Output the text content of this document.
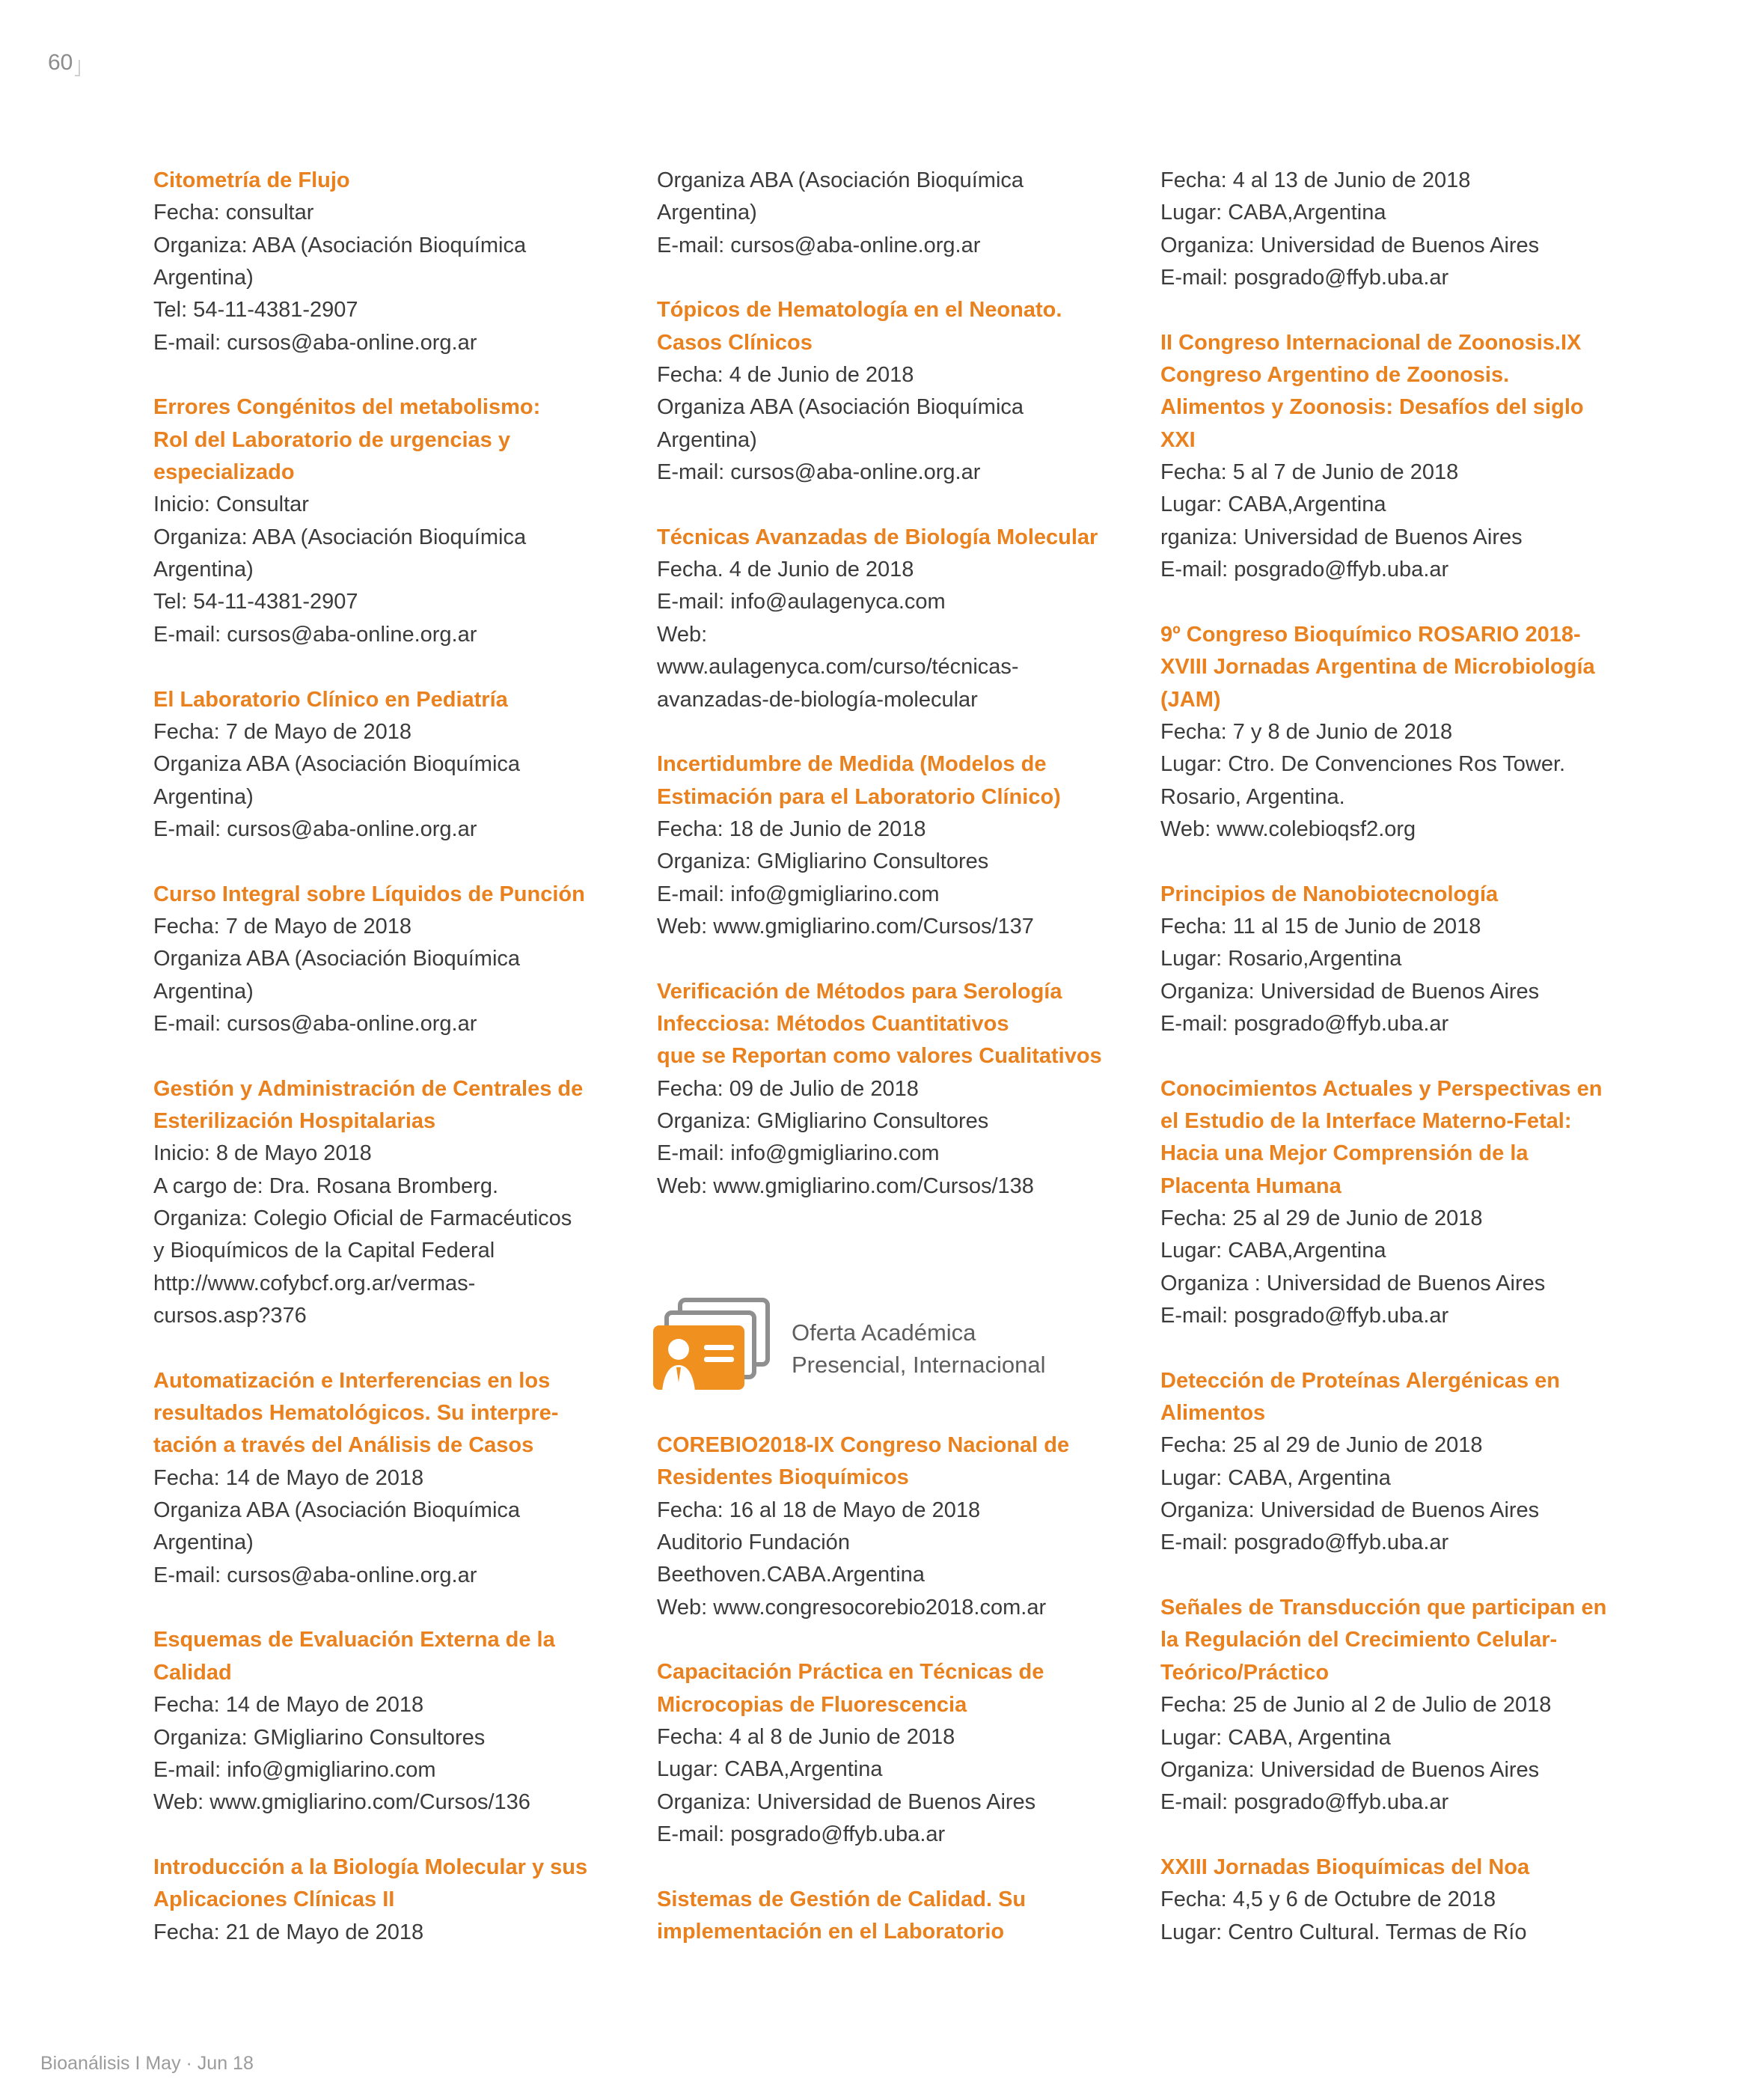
60
Citometría de Flujo
Fecha: consultar
Organiza: ABA (Asociación Bioquímica
Argentina)
Tel: 54-11-4381-2907
E-mail: cursos@aba-online.org.ar
Errores Congénitos del metabolismo:
Rol del Laboratorio de urgencias y
especializado
Inicio: Consultar
Organiza: ABA (Asociación Bioquímica
Argentina)
Tel: 54-11-4381-2907
E-mail: cursos@aba-online.org.ar
El Laboratorio Clínico en Pediatría
Fecha: 7 de Mayo de 2018
Organiza ABA (Asociación Bioquímica
Argentina)
E-mail: cursos@aba-online.org.ar
Curso Integral sobre Líquidos de Punción
Fecha: 7 de Mayo de 2018
Organiza ABA (Asociación Bioquímica
Argentina)
E-mail: cursos@aba-online.org.ar
Gestión y Administración de Centrales de
Esterilización Hospitalarias
Inicio: 8 de Mayo 2018
A cargo de: Dra. Rosana Bromberg.
Organiza: Colegio Oficial de Farmacéuticos
y Bioquímicos de la Capital Federal
http://www.cofybcf.org.ar/vermas-
cursos.asp?376
Automatización e Interferencias en los
resultados Hematológicos. Su interpre-
tación a través del Análisis de Casos
Fecha: 14 de Mayo de 2018
Organiza ABA (Asociación Bioquímica
Argentina)
E-mail: cursos@aba-online.org.ar
Esquemas de Evaluación Externa de la
Calidad
Fecha: 14 de Mayo de 2018
Organiza: GMigliarino Consultores
E-mail: info@gmigliarino.com
Web: www.gmigliarino.com/Cursos/136
Introducción a la Biología Molecular y sus
Aplicaciones Clínicas II
Fecha: 21 de Mayo de 2018
Organiza ABA (Asociación Bioquímica
Argentina)
E-mail: cursos@aba-online.org.ar
Tópicos de Hematología en el Neonato.
Casos Clínicos
Fecha: 4 de Junio de 2018
Organiza ABA (Asociación Bioquímica
Argentina)
E-mail: cursos@aba-online.org.ar
Técnicas Avanzadas de Biología Molecular
Fecha. 4 de Junio de 2018
E-mail: info@aulagenyca.com
Web:
www.aulagenyca.com/curso/técnicas-
avanzadas-de-biología-molecular
Incertidumbre de Medida (Modelos de
Estimación para el Laboratorio Clínico)
Fecha: 18 de Junio de 2018
Organiza: GMigliarino Consultores
E-mail: info@gmigliarino.com
Web: www.gmigliarino.com/Cursos/137
Verificación de Métodos para Serología
Infecciosa: Métodos Cuantitativos
que se Reportan como valores Cualitativos
Fecha: 09 de Julio de 2018
Organiza: GMigliarino Consultores
E-mail: info@gmigliarino.com
Web: www.gmigliarino.com/Cursos/138
Oferta Académica
Presencial, Internacional
COREBIO2018-IX Congreso Nacional de
Residentes Bioquímicos
Fecha: 16 al 18 de Mayo de 2018
Auditorio Fundación
Beethoven.CABA.Argentina
Web: www.congresocorebio2018.com.ar
Capacitación Práctica en Técnicas de
Microcopias de Fluorescencia
Fecha: 4 al 8 de Junio de 2018
Lugar: CABA,Argentina
Organiza: Universidad de Buenos Aires
E-mail: posgrado@ffyb.uba.ar
Sistemas de Gestión de Calidad. Su
implementación en el Laboratorio
Fecha: 4 al 13 de Junio de 2018
Lugar: CABA,Argentina
Organiza: Universidad de Buenos Aires
E-mail: posgrado@ffyb.uba.ar
II Congreso Internacional de Zoonosis.IX
Congreso Argentino de Zoonosis.
Alimentos y Zoonosis: Desafíos del siglo
XXI
Fecha: 5 al 7 de Junio de 2018
Lugar: CABA,Argentina
rganiza: Universidad de Buenos Aires
E-mail: posgrado@ffyb.uba.ar
9º Congreso Bioquímico ROSARIO 2018-
XVIII Jornadas Argentina de Microbiología
(JAM)
Fecha: 7 y 8 de Junio de 2018
Lugar: Ctro. De Convenciones Ros Tower.
Rosario, Argentina.
Web: www.colebioqsf2.org
Principios de Nanobiotecnología
Fecha: 11 al 15 de Junio de 2018
Lugar: Rosario,Argentina
Organiza: Universidad de Buenos Aires
E-mail: posgrado@ffyb.uba.ar
Conocimientos Actuales y Perspectivas en
el Estudio de la Interface Materno-Fetal:
Hacia una Mejor Comprensión de la
Placenta Humana
Fecha: 25 al 29 de Junio de 2018
Lugar: CABA,Argentina
Organiza : Universidad de Buenos Aires
E-mail: posgrado@ffyb.uba.ar
Detección de Proteínas Alergénicas en
Alimentos
Fecha: 25 al 29 de Junio de 2018
Lugar: CABA, Argentina
Organiza: Universidad de Buenos Aires
E-mail: posgrado@ffyb.uba.ar
Señales de Transducción que participan en
la Regulación del Crecimiento Celular-
Teórico/Práctico
Fecha: 25 de Junio al 2 de Julio de 2018
Lugar: CABA, Argentina
Organiza: Universidad de Buenos Aires
E-mail: posgrado@ffyb.uba.ar
XXIII Jornadas Bioquímicas del Noa
Fecha: 4,5 y 6 de Octubre de 2018
Lugar: Centro Cultural. Termas de Río
Bioanálisis I May · Jun 18
